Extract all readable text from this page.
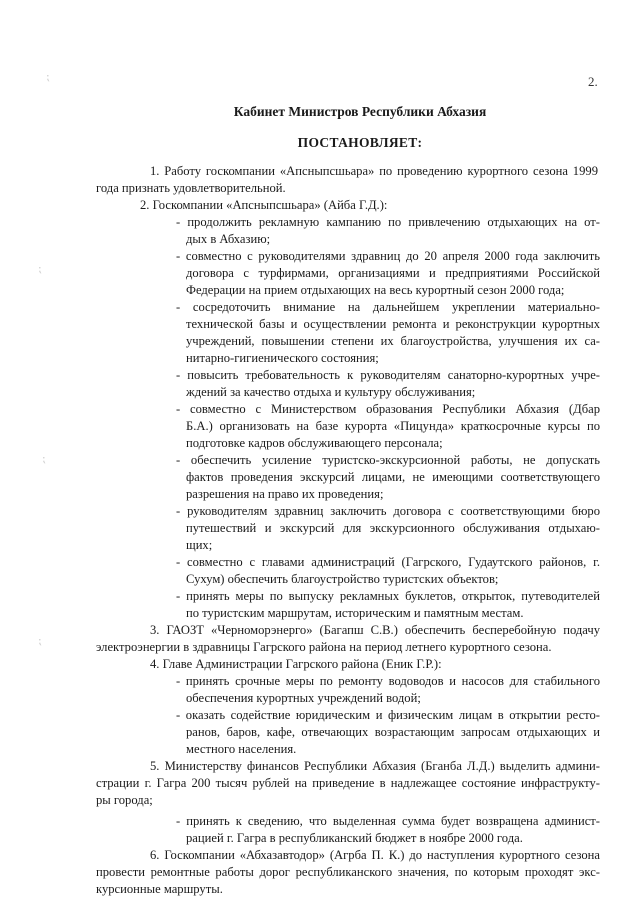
2.
Кабинет Министров Республики Абхазия
ПОСТАНОВЛЯЕТ:
1. Работу госкомпании «Апсныпсшьара» по проведению курортного сезона 1999
года признать удовлетворительной.
2. Госкомпании «Апсныпсшьара» (Айба Г.Д.):
- продолжить рекламную кампанию по привлечению отдыхающих на от-
дых в Абхазию;
- совместно с руководителями здравниц до 20 апреля 2000 года заключить
договора с турфирмами, организациями и предприятиями Российской
Федерации на прием отдыхающих на весь курортный сезон 2000 года;
- сосредоточить внимание на дальнейшем укреплении материально-
технической базы и осуществлении ремонта и реконструкции курортных
учреждений, повышении степени их благоустройства, улучшения их са-
нитарно-гигиенического состояния;
- повысить требовательность к руководителям санаторно-курортных учре-
ждений за качество отдыха и культуру обслуживания;
- совместно с Министерством образования Республики Абхазия (Дбар
Б.А.) организовать на базе курорта «Пицунда» краткосрочные курсы по
подготовке кадров обслуживающего персонала;
- обеспечить усиление туристско-экскурсионной работы, не допускать
фактов проведения экскурсий лицами, не имеющими соответствующего
разрешения на право их проведения;
- руководителям здравниц заключить договора с соответствующими бюро
путешествий и экскурсий для экскурсионного обслуживания отдыхаю-
щих;
- совместно с главами администраций (Гагрского, Гудаутского районов, г.
Сухум) обеспечить благоустройство туристских объектов;
- принять меры по выпуску рекламных буклетов, открыток, путеводителей
по туристским маршрутам, историческим и памятным местам.
3. ГАОЗТ «Черноморэнерго» (Багапш С.В.) обеспечить бесперебойную подачу
электроэнергии в здравницы Гагрского района на период летнего курортного сезона.
4. Главе Администрации Гагрского района (Еник Г.Р.):
- принять срочные меры по ремонту водоводов и насосов для стабильного
обеспечения курортных учреждений водой;
- оказать содействие юридическим и физическим лицам в открытии ресто-
ранов, баров, кафе, отвечающих возрастающим запросам отдыхающих и
местного населения.
5. Министерству финансов Республики Абхазия (Бганба Л.Д.) выделить админи-
страции г. Гагра 200 тысяч рублей на приведение в надлежащее состояние инфраструкту-
ры города;
- принять к сведению, что выделенная сумма будет возвращена админист-
рацией г. Гагра в республиканский бюджет в ноябре 2000 года.
6. Госкомпании «Абхазавтодор» (Агрба П. К.) до наступления курортного сезона
провести ремонтные работы дорог республиканского значения, по которым проходят экс-
курсионные маршруты.
⁏
⁏
⁏
⁏
